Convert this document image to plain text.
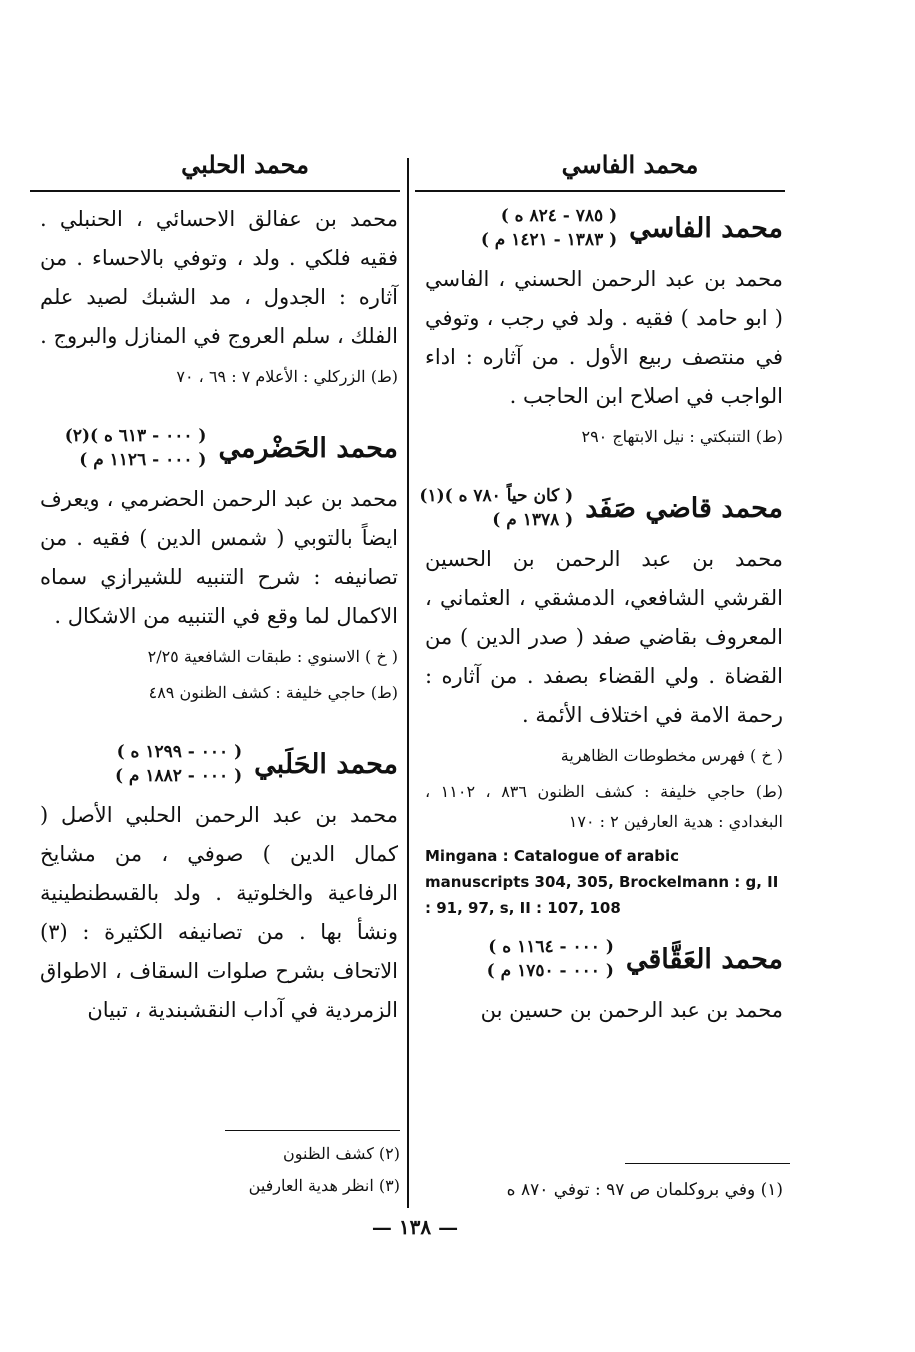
محمد الفاسي
محمد الحلبي
محمد الفاسي
( ٧٨٥ - ٨٢٤ ه )
( ١٣٨٣ - ١٤٢١ م )

محمد بن عبد الرحمن الحسني ، الفاسي ( ابو حامد ) فقيه . ولد في رجب ، وتوفي في منتصف ربيع الأول . من آثاره : اداء الواجب في اصلاح ابن الحاجب .

(ط) التنبكتي : نيل الابتهاج ٢٩٠
محمد قاضي صَفَد
( كان حياً ٧٨٠ ه )(١)
( ١٣٧٨ م )

محمد بن عبد الرحمن بن الحسين القرشي الشافعي، الدمشقي ، العثماني ، المعروف بقاضي صفد ( صدر الدين ) من القضاة . ولي القضاء بصفد . من آثاره : رحمة الامة في اختلاف الأئمة .

( خ ) فهرس مخطوطات الظاهرية
(ط) حاجي خليفة : كشف الظنون ٨٣٦ ، ١١٠٢ ، البغدادي : هدية العارفين ٢ : ١٧٠
Mingana : Catalogue of arabic manuscripts 304, 305, Brockelmann : g, II : 91, 97, s, II : 107, 108
محمد العَقَّاقي
( ٠٠٠ - ١١٦٤ ه )
( ٠٠٠ - ١٧٥٠ م )

محمد بن عبد الرحمن بن حسين بن

(١) وفي بروكلمان ص ٩٧ : توفي ٨٧٠ ه

محمد بن عفالق الاحسائي ، الحنبلي . فقيه فلكي . ولد ، وتوفي بالاحساء . من آثاره : الجدول ، مد الشبك لصيد علم الفلك ، سلم العروج في المنازل والبروج .

(ط) الزركلي : الأعلام ٧ : ٦٩ ، ٧٠
محمد الحَضْرمي
( ٠٠٠ - ٦١٣ ه )(٢)
( ٠٠٠ - ١١٢٦ م )

محمد بن عبد الرحمن الحضرمي ، ويعرف ايضاً بالتوبي ( شمس الدين ) فقيه . من تصانيفه : شرح التنبيه للشيرازي سماه الاكمال لما وقع في التنبيه من الاشكال .

( خ ) الاسنوي : طبقات الشافعية ٢/٢٥
(ط) حاجي خليفة : كشف الظنون ٤٨٩
محمد الحَلَبي
( ٠٠٠ - ١٢٩٩ ه )
( ٠٠٠ - ١٨٨٢ م )

محمد بن عبد الرحمن الحلبي الأصل ( كمال الدين ) صوفي ، من مشايخ الرفاعية والخلوتية . ولد بالقسطنطينية ونشأ بها . من تصانيفه الكثيرة : (٣) الاتحاف بشرح صلوات السقاف ، الاطواق الزمردية في آداب النقشبندية ، تبيان

(٢) كشف الظنون
(٣) انظر هدية العارفين
— ١٣٨ —
